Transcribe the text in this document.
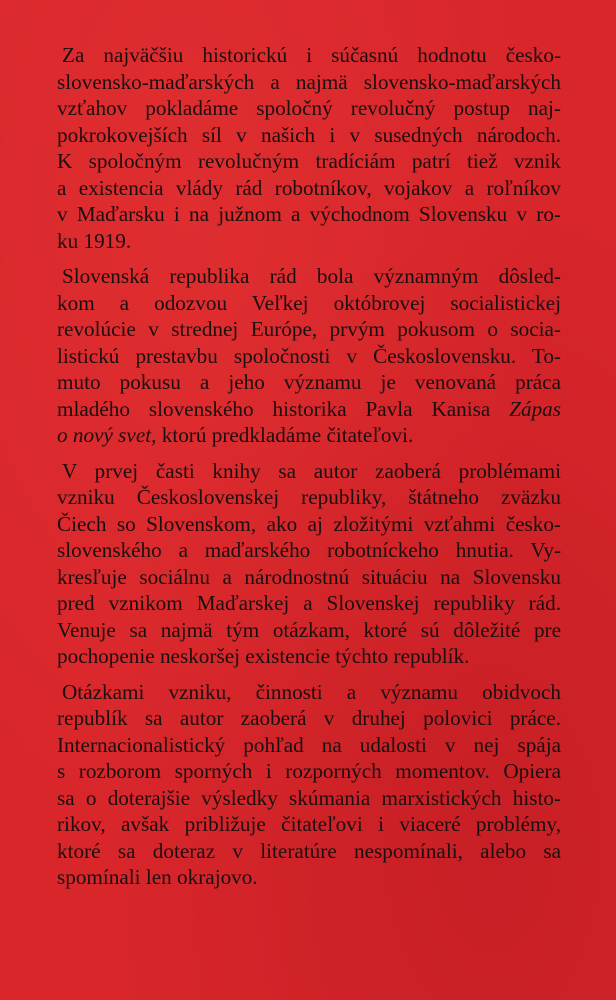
Za najväčšiu historickú i súčasnú hodnotu česko-
slovensko-maďarských a najmä slovensko-maďarských
vzťahov pokladáme spoločný revolučný postup naj-
pokrokovejších síl v našich i v susedných národoch.
K spoločným revolučným tradíciám patrí tiež vznik
a existencia vlády rád robotníkov, vojakov a roľníkov
v Maďarsku i na južnom a východnom Slovensku v ro-
ku 1919.
Slovenská republika rád bola významným dôsled-
kom a odozvou Veľkej októbrovej socialistickej
revolúcie v strednej Európe, prvým pokusom o socia-
listickú prestavbu spoločnosti v Československu. To-
muto pokusu a jeho významu je venovaná práca
mladého slovenského historika Pavla Kanisa Zápas
o nový svet, ktorú predkladáme čitateľovi.
V prvej časti knihy sa autor zaoberá problémami
vzniku Československej republiky, štátneho zväzku
Čiech so Slovenskom, ako aj zložitými vzťahmi česko-
slovenského a maďarského robotníckeho hnutia. Vy-
kresľuje sociálnu a národnostnú situáciu na Slovensku
pred vznikom Maďarskej a Slovenskej republiky rád.
Venuje sa najmä tým otázkam, ktoré sú dôležité pre
pochopenie neskoršej existencie týchto republík.
Otázkami vzniku, činnosti a významu obidvoch
republík sa autor zaoberá v druhej polovici práce.
Internacionalistický pohľad na udalosti v nej spája
s rozborom sporných i rozporných momentov. Opiera
sa o doterajšie výsledky skúmania marxistických histo-
rikov, avšak približuje čitateľovi i viaceré problémy,
ktoré sa doteraz v literatúre nespomínali, alebo sa
spomínali len okrajovo.
